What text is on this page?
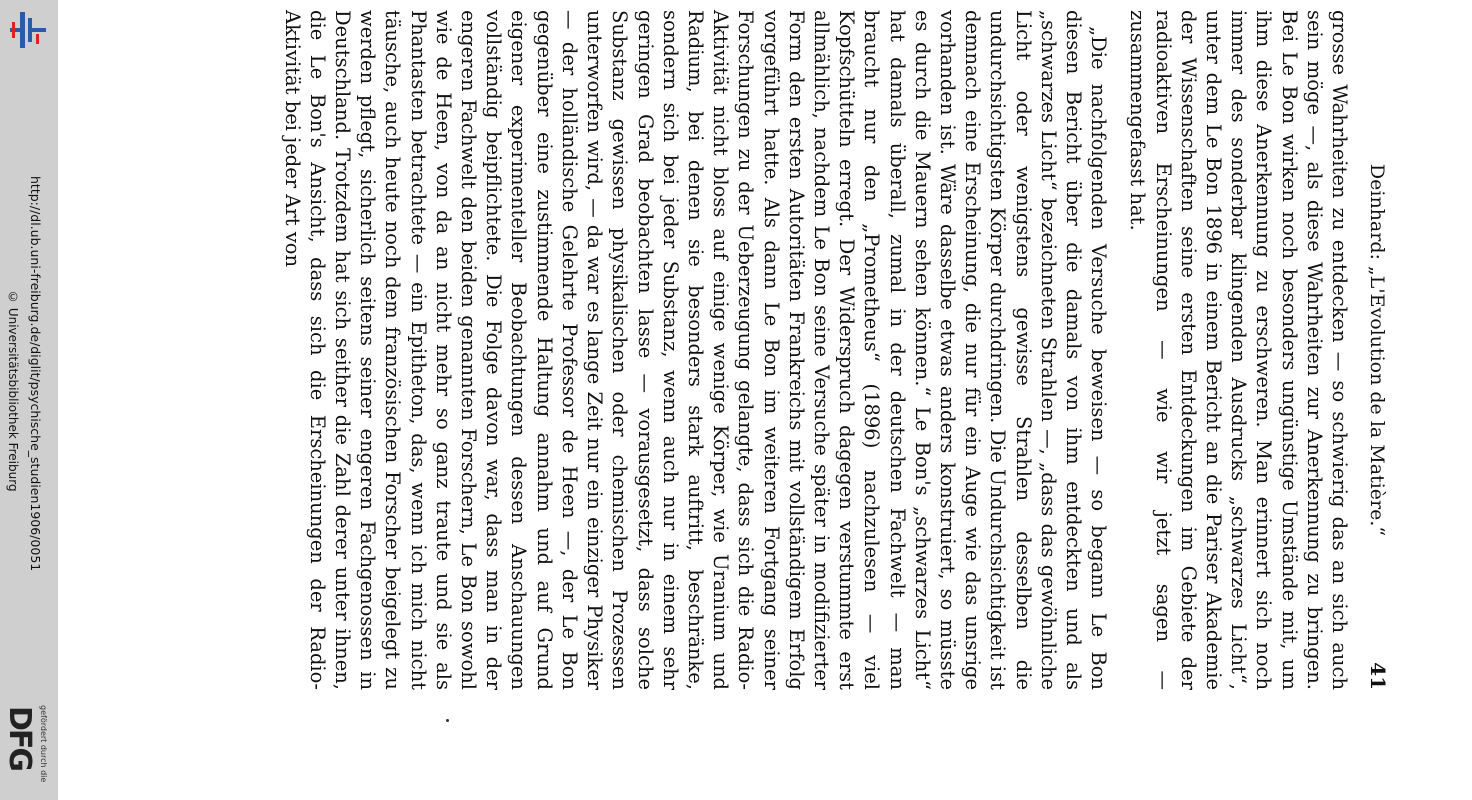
http://dl.ub.uni-freiburg.de/diglit/psychische_studien1906/0051
© Universitätsbibliothek Freiburg
gefördert durch die
DFG
Deinhard: „L'Evolution de la Matière.“
41

grosse Wahrheiten zu entdecken — so schwierig das an sich auch sein möge —, als diese Wahrheiten zur Anerkennung zu bringen. Bei Le Bon wirken noch besonders ungünstige Umstände mit, um ihm diese Anerkennung zu erschweren. Man erinnert sich noch immer des sonderbar klingenden Ausdrucks „schwarzes Licht“, unter dem Le Bon 1896 in einem Bericht an die Pariser Akademie der Wissenschaften seine ersten Entdeckungen im Gebiete der radioaktiven Erscheinungen — wie wir jetzt sagen — zusammengefasst hat.

„Die nachfolgenden Versuche beweisen — so begann Le Bon diesen Bericht über die damals von ihm entdeckten und als „schwarzes Licht“ bezeichneten Strahlen —, „dass das gewöhnliche Licht oder wenigstens gewisse Strahlen desselben die undurchsichtigsten Körper durchdringen. Die Undurchsichtigkeit ist demnach eine Erscheinung, die nur für ein Auge wie das unsrige vorhanden ist. Wäre dasselbe etwas anders konstruiert, so müsste es durch die Mauern sehen können.“ Le Bon's „schwarzes Licht“ hat damals überall, zumal in der deutschen Fachwelt — man braucht nur den „Prometheus“ (1896) nachzulesen — viel Kopfschütteln erregt. Der Widerspruch dagegen verstummte erst allmählich, nachdem Le Bon seine Versuche später in modifizierter Form den ersten Autoritäten Frankreichs mit vollständigem Erfolg vorgeführt hatte. Als dann Le Bon im weiteren Fortgang seiner Forschungen zu der Ueberzeugung gelangte, dass sich die Radio-Aktivität nicht bloss auf einige wenige Körper, wie Uranium und Radium, bei denen sie besonders stark auftritt, beschränke, sondern sich bei jeder Substanz, wenn auch nur in einem sehr geringen Grad beobachten lasse — vorausgesetzt, dass solche Substanz gewissen physikalischen oder chemischen Prozessen unterworfen wird, — da war es lange Zeit nur ein einziger Physiker — der holländische Gelehrte Professor de Heen —, der Le Bon gegenüber eine zustimmende Haltung annahm und auf Grund eigener experimenteller Beobachtungen dessen Anschauungen vollständig beipflichtete. Die Folge davon war, dass man in der engeren Fachwelt den beiden genannten Forschern, Le Bon sowohl wie de Heen, von da an nicht mehr so ganz traute und sie als Phantasten betrachtete — ein Epitheton, das, wenn ich mich nicht täusche, auch heute noch dem französischen Forscher beigelegt zu werden pflegt, sicherlich seitens seiner engeren Fachgenossen in Deutschland. Trotzdem hat sich seither die Zahl derer unter ihnen, die Le Bon's Ansicht, dass sich die Erscheinungen der Radio-Aktivität bei jeder Art von
